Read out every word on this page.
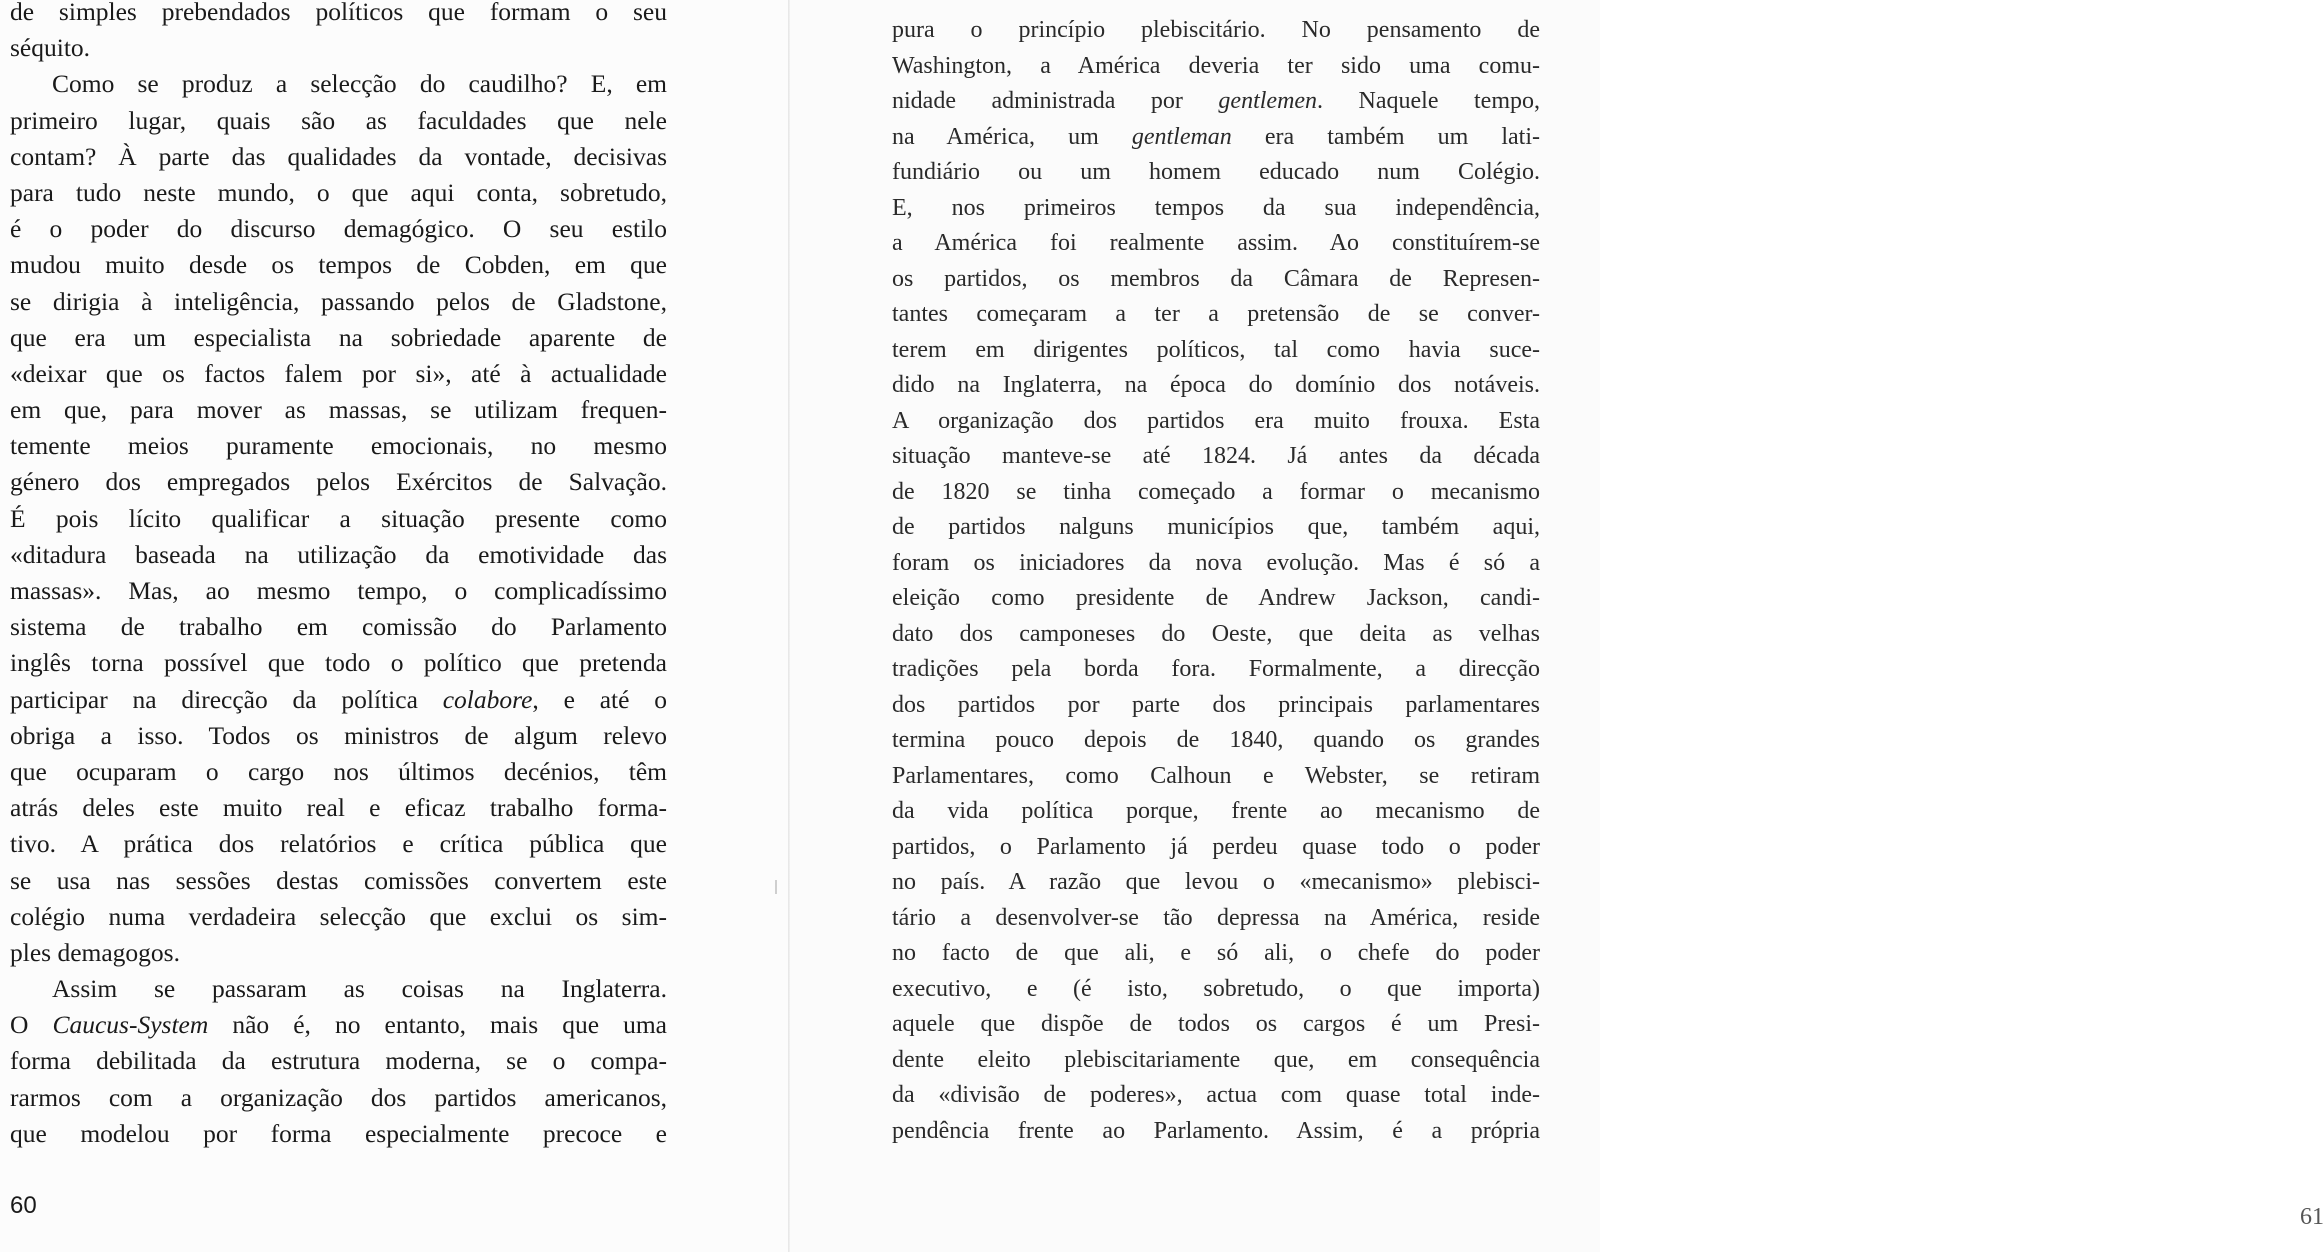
de simples prebendados políticos que formam o seu
séquito.
Como se produz a selecção do caudilho? E, em
primeiro lugar, quais são as faculdades que nele
contam? À parte das qualidades da vontade, decisivas
para tudo neste mundo, o que aqui conta, sobretudo,
é o poder do discurso demagógico. O seu estilo
mudou muito desde os tempos de Cobden, em que
se dirigia à inteligência, passando pelos de Gladstone,
que era um especialista na sobriedade aparente de
«deixar que os factos falem por si», até à actualidade
em que, para mover as massas, se utilizam frequen-
temente meios puramente emocionais, no mesmo
género dos empregados pelos Exércitos de Salvação.
É pois lícito qualificar a situação presente como
«ditadura baseada na utilização da emotividade das
massas». Mas, ao mesmo tempo, o complicadíssimo
sistema de trabalho em comissão do Parlamento
inglês torna possível que todo o político que pretenda
participar na direcção da política colabore, e até o
obriga a isso. Todos os ministros de algum relevo
que ocuparam o cargo nos últimos decénios, têm
atrás deles este muito real e eficaz trabalho forma-
tivo. A prática dos relatórios e crítica pública que
se usa nas sessões destas comissões convertem este
colégio numa verdadeira selecção que exclui os sim-
ples demagogos.
Assim se passaram as coisas na Inglaterra.
O Caucus-System não é, no entanto, mais que uma
forma debilitada da estrutura moderna, se o compa-
rarmos com a organização dos partidos americanos,
que modelou por forma especialmente precoce e
60
pura o princípio plebiscitário. No pensamento de
Washington, a América deveria ter sido uma comu-
nidade administrada por gentlemen. Naquele tempo,
na América, um gentleman era também um lati-
fundiário ou um homem educado num Colégio.
E, nos primeiros tempos da sua independência,
a América foi realmente assim. Ao constituírem-se
os partidos, os membros da Câmara de Represen-
tantes começaram a ter a pretensão de se conver-
terem em dirigentes políticos, tal como havia suce-
dido na Inglaterra, na época do domínio dos notáveis.
A organização dos partidos era muito frouxa. Esta
situação manteve-se até 1824. Já antes da década
de 1820 se tinha começado a formar o mecanismo
de partidos nalguns municípios que, também aqui,
foram os iniciadores da nova evolução. Mas é só a
eleição como presidente de Andrew Jackson, candi-
dato dos camponeses do Oeste, que deita as velhas
tradições pela borda fora. Formalmente, a direcção
dos partidos por parte dos principais parlamentares
termina pouco depois de 1840, quando os grandes
Parlamentares, como Calhoun e Webster, se retiram
da vida política porque, frente ao mecanismo de
partidos, o Parlamento já perdeu quase todo o poder
no país. A razão que levou o «mecanismo» plebisci-
tário a desenvolver-se tão depressa na América, reside
no facto de que ali, e só ali, o chefe do poder
executivo, e (é isto, sobretudo, o que importa)
aquele que dispõe de todos os cargos é um Presi-
dente eleito plebiscitariamente que, em consequência
da «divisão de poderes», actua com quase total inde-
pendência frente ao Parlamento. Assim, é a própria
61
